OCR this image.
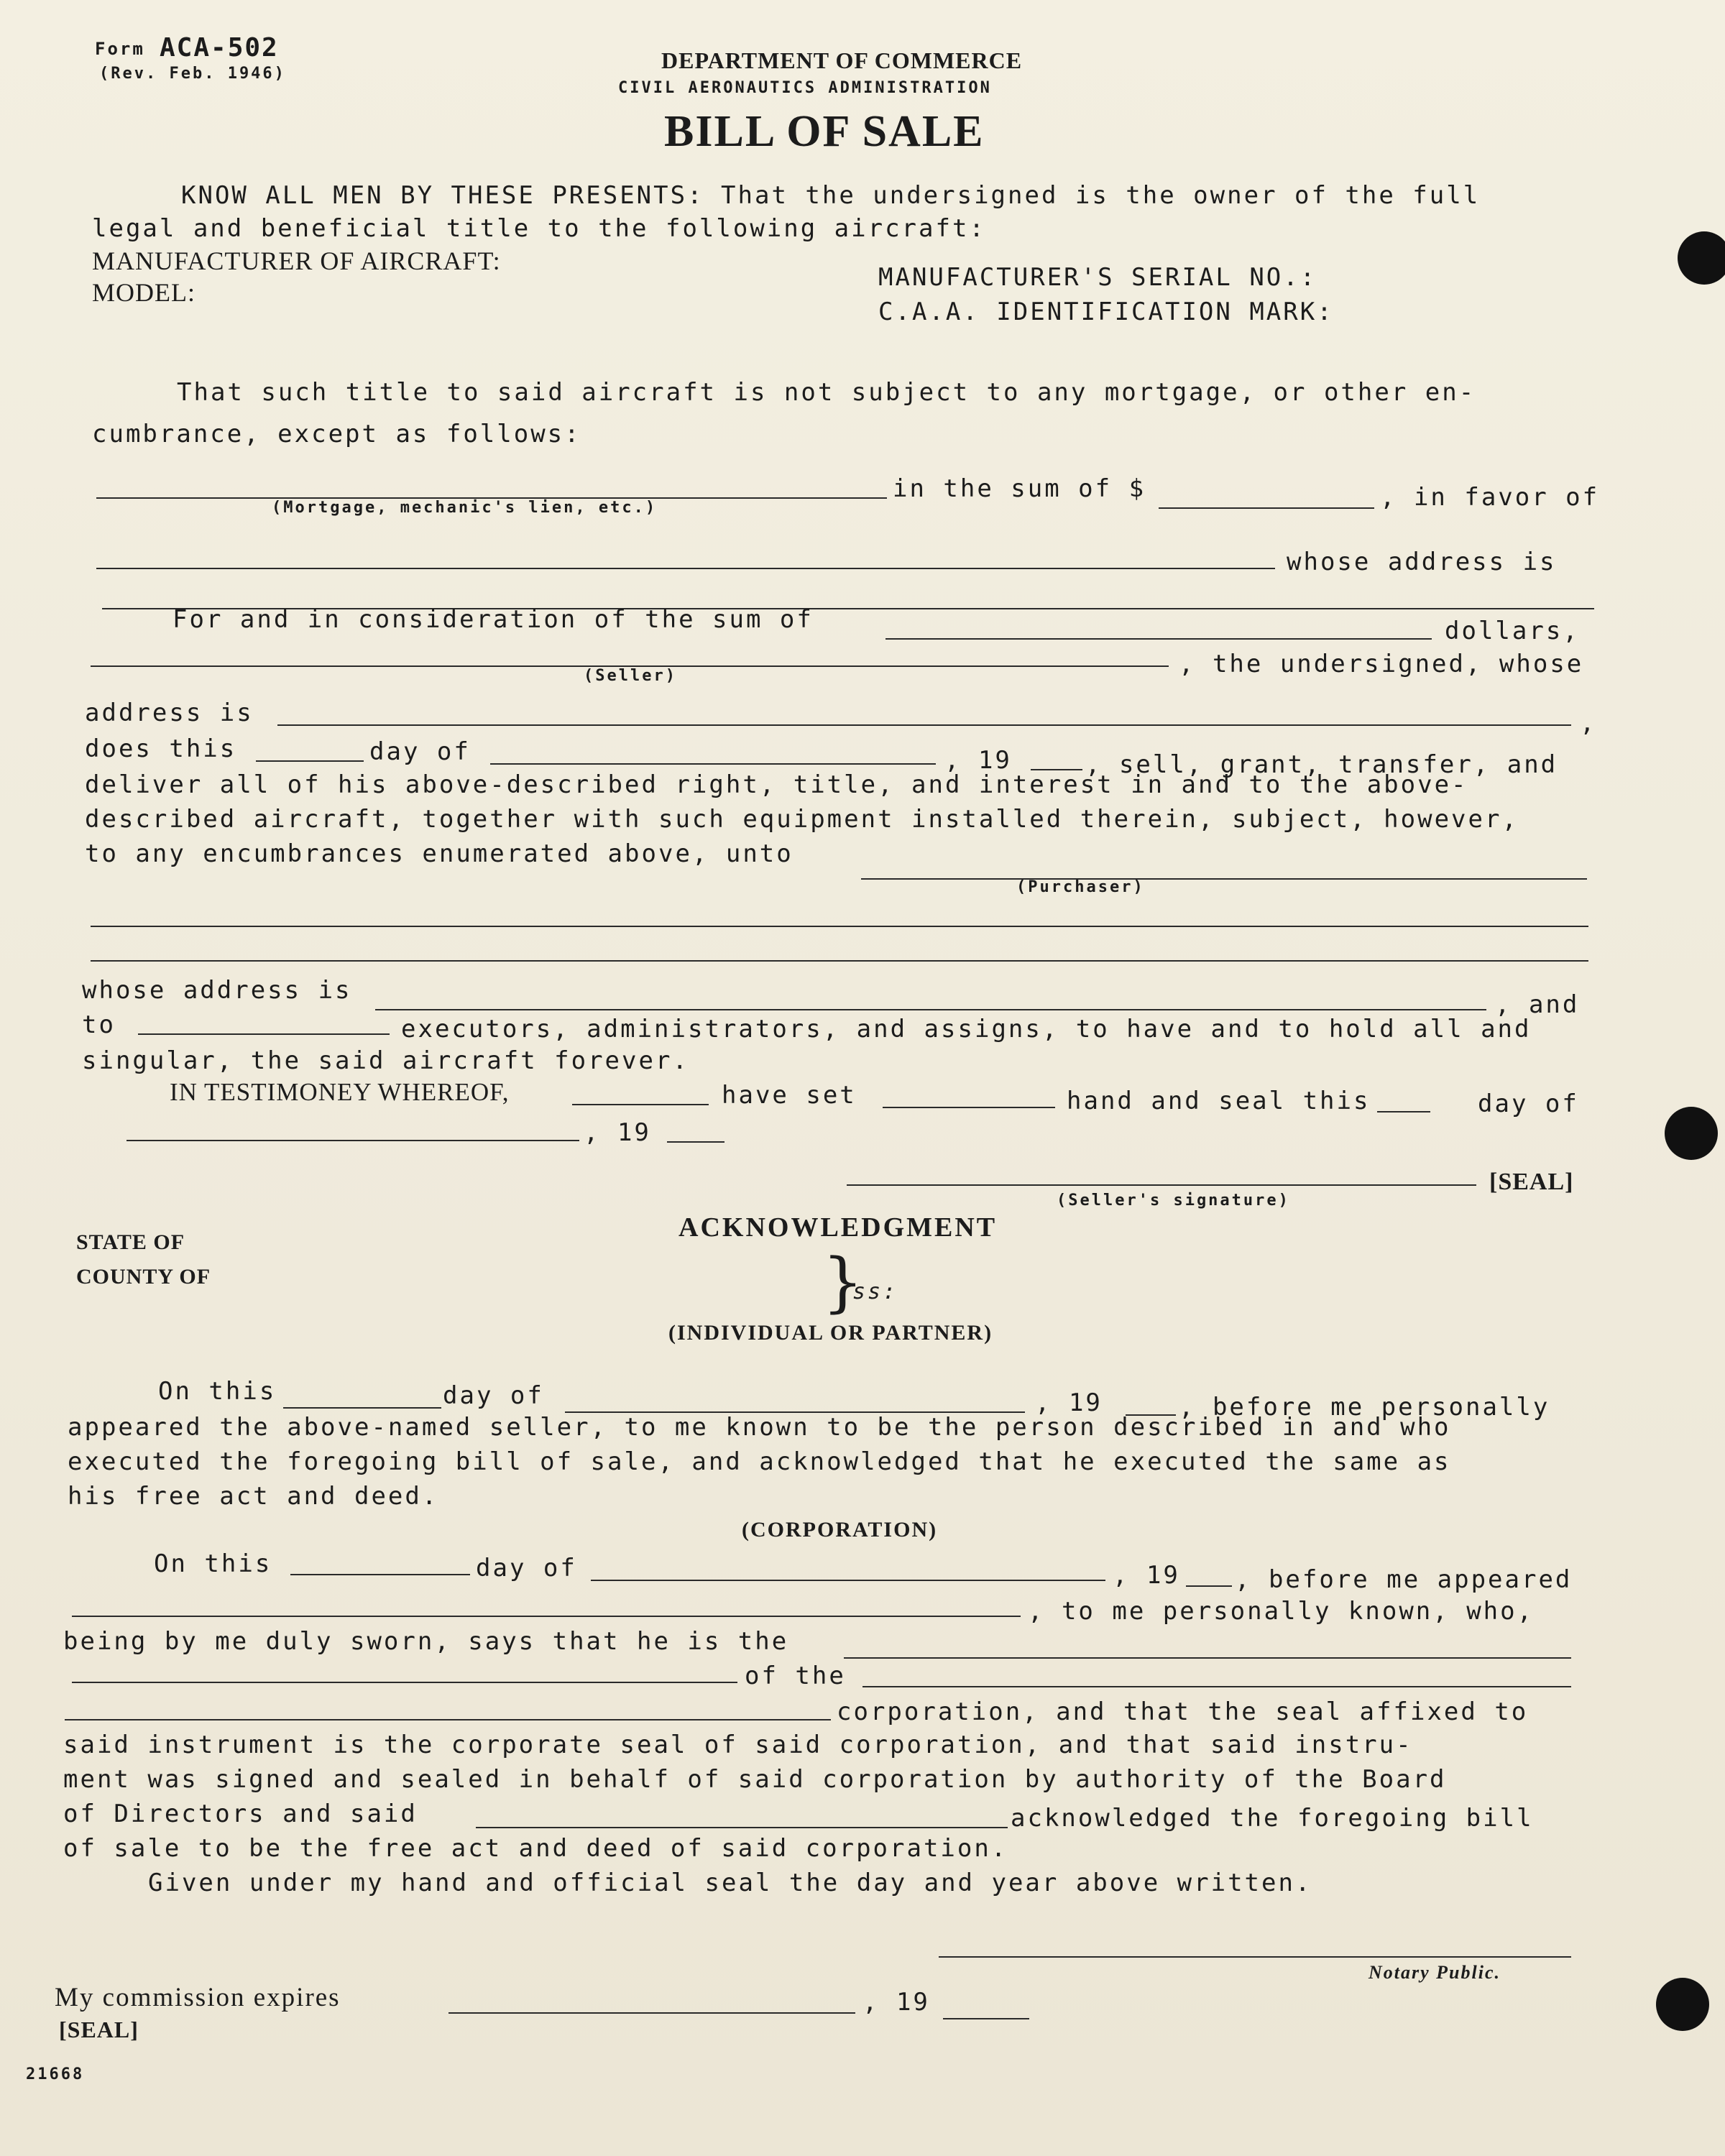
Form ACA-502
(Rev. Feb. 1946)
DEPARTMENT OF COMMERCE
CIVIL AERONAUTICS ADMINISTRATION
BILL OF SALE
KNOW ALL MEN BY THESE PRESENTS: That the undersigned is the owner of the full
legal and beneficial title to the following aircraft:
MANUFACTURER OF AIRCRAFT:
MODEL:
MANUFACTURER'S SERIAL NO.:
C.A.A. IDENTIFICATION MARK:
That such title to said aircraft is not subject to any mortgage, or other en-
cumbrance, except as follows:
(Mortgage, mechanic's lien, etc.)
in the sum of $	, in favor of
whose address is
For and in consideration of the sum of	dollars,
(Seller)	, the undersigned, whose
address is	,
does this	day of	, 19	, sell, grant, transfer, and
deliver all of his above-described right, title, and interest in and to the above-
described aircraft, together with such equipment installed therein, subject, however,
to any encumbrances enumerated above, unto
(Purchaser)
whose address is	, and
to	executors, administrators, and assigns, to have and to hold all and
singular, the said aircraft forever.
IN TESTIMONEY WHEREOF,	have set	hand and seal this	day of
, 19
[SEAL]
(Seller's signature)
ACKNOWLEDGMENT
STATE OF
COUNTY OF	}
ss:
(INDIVIDUAL OR PARTNER)
On this	day of	, 19	, before me personally
appeared the above-named seller, to me known to be the person described in and who
executed the foregoing bill of sale, and acknowledged that he executed the same as
his free act and deed.
(CORPORATION)
On this	day of	, 19 , before me appeared
, to me personally known, who,
being by me duly sworn, says that he is the
of the
corporation, and that the seal affixed to
said instrument is the corporate seal of said corporation, and that said instru-
ment was signed and sealed in behalf of said corporation by authority of the Board
of Directors and said	acknowledged the foregoing bill
of sale to be the free act and deed of said corporation.
Given under my hand and official seal the day and year above written.
Notary Public.
My commission expires	, 19
[SEAL]
21668
